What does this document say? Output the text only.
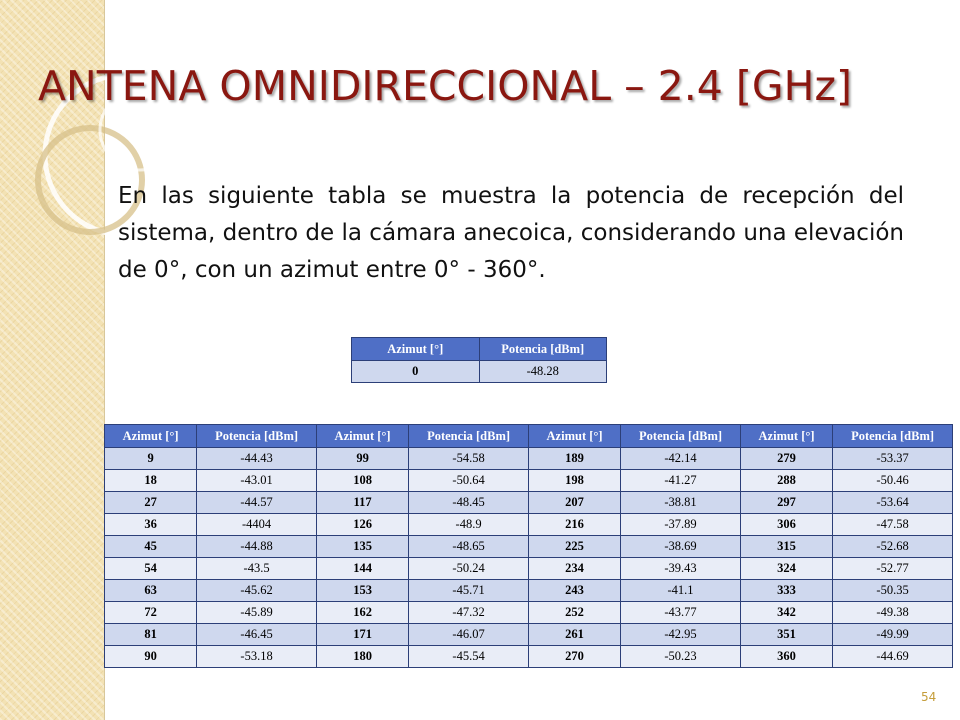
ANTENA OMNIDIRECCIONAL – 2.4 [GHz]

En las siguiente tabla se muestra la potencia de recepción del sistema, dentro de la cámara anecoica, considerando una elevación de 0°, con un azimut entre 0° - 360°.

Azimut [°]	Potencia [dBm]
0	-48.28
Azimut [°]	Potencia [dBm]	Azimut [°]	Potencia [dBm]	Azimut [°]	Potencia [dBm]	Azimut [°]	Potencia [dBm]
9	-44.43	99	-54.58	189	-42.14	279	-53.37
18	-43.01	108	-50.64	198	-41.27	288	-50.46
27	-44.57	117	-48.45	207	-38.81	297	-53.64
36	-4404	126	-48.9	216	-37.89	306	-47.58
45	-44.88	135	-48.65	225	-38.69	315	-52.68
54	-43.5	144	-50.24	234	-39.43	324	-52.77
63	-45.62	153	-45.71	243	-41.1	333	-50.35
72	-45.89	162	-47.32	252	-43.77	342	-49.38
81	-46.45	171	-46.07	261	-42.95	351	-49.99
90	-53.18	180	-45.54	270	-50.23	360	-44.69
54
